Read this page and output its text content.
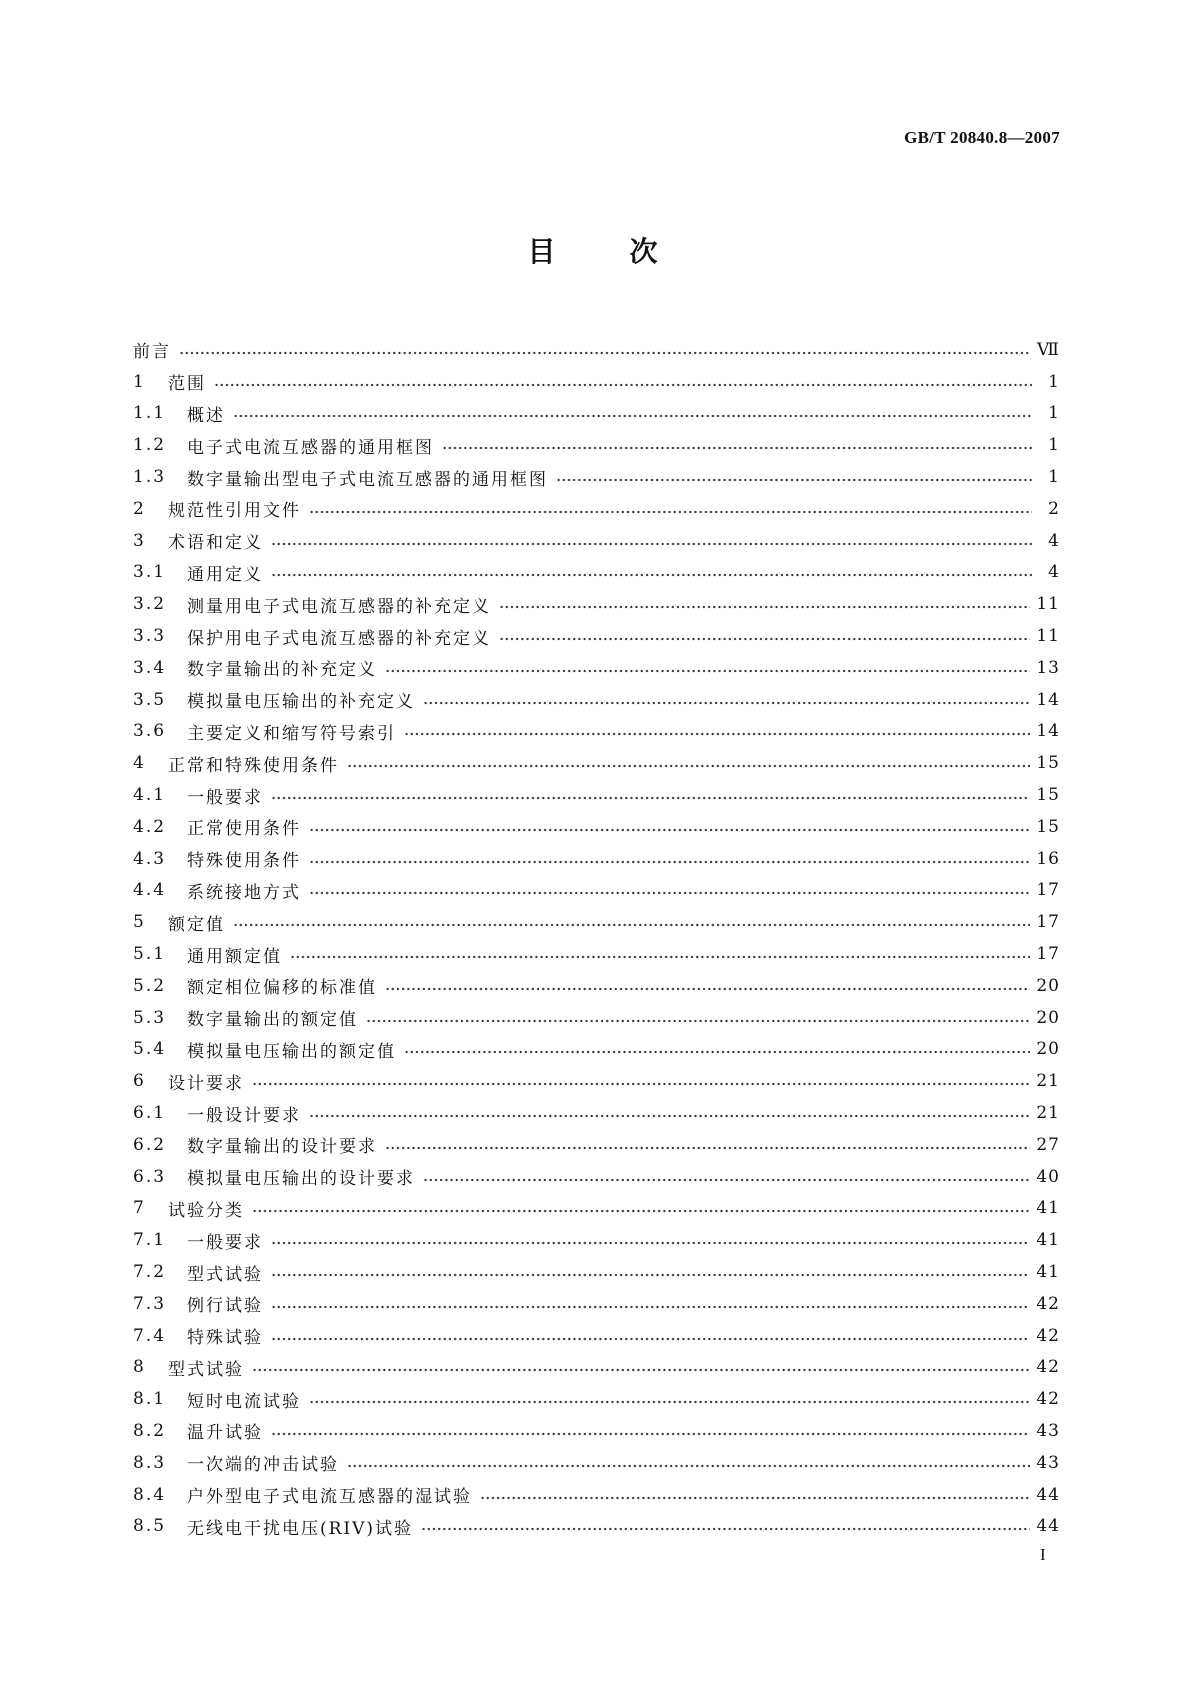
GB/T 20840.8—2007
目　　次
前言	Ⅶ
1	范围	1
1.1	概述	1
1.2	电子式电流互感器的通用框图	1
1.3	数字量输出型电子式电流互感器的通用框图	1
2	规范性引用文件	2
3	术语和定义	4
3.1	通用定义	4
3.2	测量用电子式电流互感器的补充定义	11
3.3	保护用电子式电流互感器的补充定义	11
3.4	数字量输出的补充定义	13
3.5	模拟量电压输出的补充定义	14
3.6	主要定义和缩写符号索引	14
4	正常和特殊使用条件	15
4.1	一般要求	15
4.2	正常使用条件	15
4.3	特殊使用条件	16
4.4	系统接地方式	17
5	额定值	17
5.1	通用额定值	17
5.2	额定相位偏移的标准值	20
5.3	数字量输出的额定值	20
5.4	模拟量电压输出的额定值	20
6	设计要求	21
6.1	一般设计要求	21
6.2	数字量输出的设计要求	27
6.3	模拟量电压输出的设计要求	40
7	试验分类	41
7.1	一般要求	41
7.2	型式试验	41
7.3	例行试验	42
7.4	特殊试验	42
8	型式试验	42
8.1	短时电流试验	42
8.2	温升试验	43
8.3	一次端的冲击试验	43
8.4	户外型电子式电流互感器的湿试验	44
8.5	无线电干扰电压(RIV)试验	44
I
